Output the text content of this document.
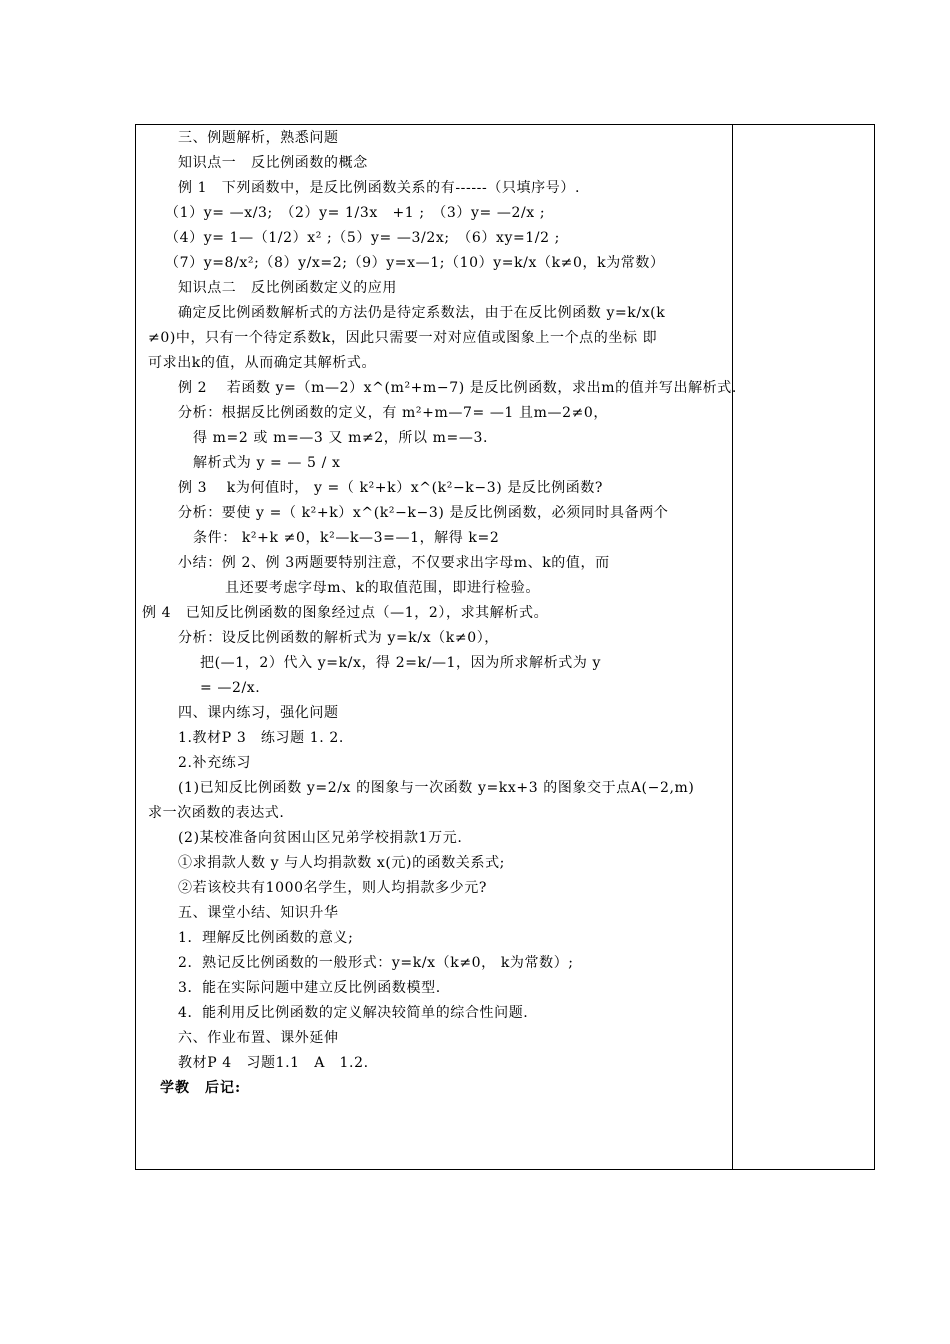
三、例题解析，熟悉问题
知识点一　反比例函数的概念
例 1　下列函数中，是反比例函数关系的有------（只填序号）.
（1）y= —x/3;　（2）y= 1/3x　+1 ;　（3）y= —2/x ;
（4）y= 1—（1/2）x² ;（5）y= —3/2x;　（6）xy=1/2 ;
（7）y=8/x²;（8）y/x=2;（9）y=x—1;（10）y=k/x（k≠0，k为常数）
知识点二　反比例函数定义的应用
确定反比例函数解析式的方法仍是待定系数法，由于在反比例函数 y=k/x(k
≠0)中，只有一个待定系数k，因此只需要一对对应值或图象上一个点的坐标 即
可求出k的值，从而确定其解析式。
例 2　 若函数 y=（m—2）x^(m²+m−7) 是反比例函数，求出m的值并写出解析式.
分析：根据反比例函数的定义，有 m²+m—7= —1 且m—2≠0，
得 m=2 或 m=—3 又 m≠2，所以 m=—3.
解析式为 y = — 5 / x
例 3　 k为何值时， y =（ k²+k）x^(k²−k−3) 是反比例函数?
分析：要使 y =（ k²+k）x^(k²−k−3) 是反比例函数，必须同时具备两个
条件： k²+k ≠0，k²—k—3=—1，解得 k=2
小结：例 2、例 3两题要特别注意，不仅要求出字母m、k的值，而
且还要考虑字母m、k的取值范围，即进行检验。
例 4　已知反比例函数的图象经过点（—1，2），求其解析式。
分析：设反比例函数的解析式为 y=k/x（k≠0），
把(—1，2）代入 y=k/x，得 2=k/—1，因为所求解析式为 y
= —2/x.
四、课内练习，强化问题
1.教材P 3　练习题 1. 2.
2.补充练习
(1)已知反比例函数 y=2/x 的图象与一次函数 y=kx+3 的图象交于点A(−2,m)
求一次函数的表达式.
(2)某校准备向贫困山区兄弟学校捐款1万元.
①求捐款人数 y 与人均捐款数 x(元)的函数关系式;
②若该校共有1000名学生，则人均捐款多少元?
五、课堂小结、知识升华
1．理解反比例函数的意义;
2．熟记反比例函数的一般形式：y=k/x（k≠0， k为常数）;
3．能在实际问题中建立反比例函数模型.
4．能利用反比例函数的定义解决较简单的综合性问题.
六、作业布置、课外延伸
教材P 4　习题1.1　A　1.2.
学教　后记:
